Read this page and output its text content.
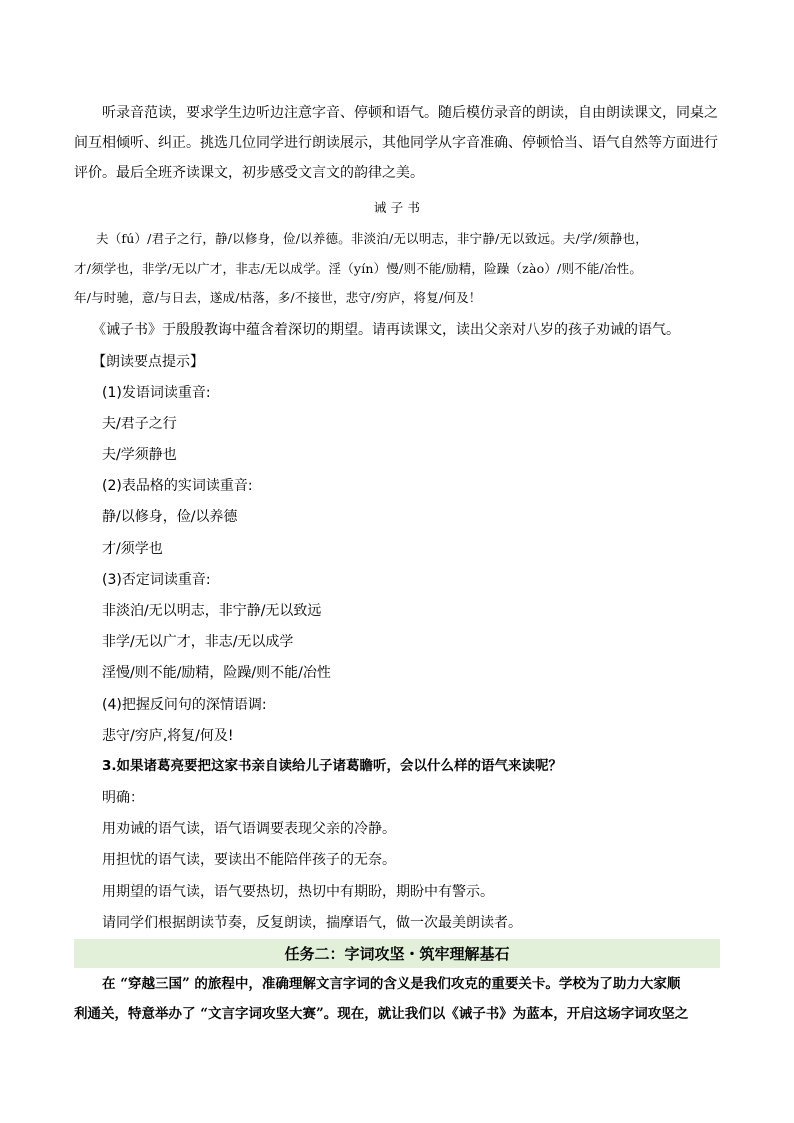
听录音范读，要求学生边听边注意字音、停顿和语气。随后模仿录音的朗读，自由朗读课文，同桌之
间互相倾听、纠正。挑选几位同学进行朗读展示，其他同学从字音准确、停顿恰当、语气自然等方面进行
评价。最后全班齐读课文，初步感受文言文的韵律之美。
诫 子 书
夫（fú）/君子之行，静/以修身，俭/以养德。非淡泊/无以明志，非宁静/无以致远。夫/学/须静也，
才/须学也，非学/无以广才，非志/无以成学。淫（yín）慢/则不能/励精，险躁（zào）/则不能/冶性。
年/与时驰，意/与日去，遂成/枯落，多/不接世，悲守/穷庐，将复/何及！
《诫子书》于殷殷教诲中蕴含着深切的期望。请再读课文，读出父亲对八岁的孩子劝诫的语气。
【朗读要点提示】
(1)发语词读重音:
夫/君子之行
夫/学须静也
(2)表品格的实词读重音:
静/以修身，俭/以养德
才/须学也
(3)否定词读重音:
非淡泊/无以明志，非宁静/无以致远
非学/无以广才，非志/无以成学
淫慢/则不能/励精，险躁/则不能/冶性
(4)把握反问句的深情语调:
悲守/穷庐,将复/何及!
3.如果诸葛亮要把这家书亲自读给儿子诸葛瞻听，会以什么样的语气来读呢？
明确：
用劝诫的语气读，语气语调要表现父亲的冷静。
用担忧的语气读，要读出不能陪伴孩子的无奈。
用期望的语气读，语气要热切，热切中有期盼，期盼中有警示。
请同学们根据朗读节奏，反复朗读，揣摩语气，做一次最美朗读者。
任务二：字词攻坚・筑牢理解基石
在 “穿越三国” 的旅程中，准确理解文言字词的含义是我们攻克的重要关卡。学校为了助力大家顺
利通关，特意举办了 “文言字词攻坚大赛”。现在，就让我们以《诫子书》为蓝本，开启这场字词攻坚之
